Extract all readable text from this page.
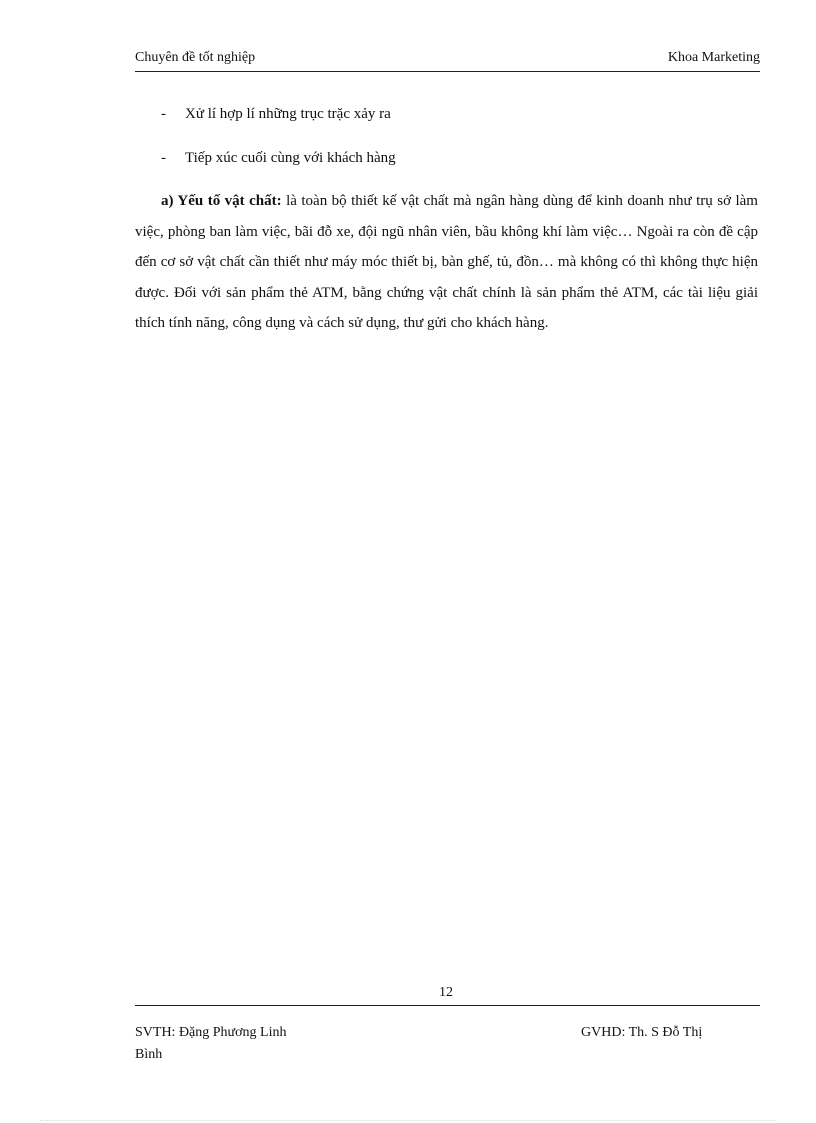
Chuyên đề tốt nghiệp	Khoa Marketing
-	Xử lí hợp lí những trục trặc xảy ra
-	Tiếp xúc cuối cùng với khách hàng

a) Yếu tố vật chất: là toàn bộ thiết kế vật chất mà ngân hàng dùng để kinh doanh như trụ sở làm việc, phòng ban làm việc, bãi đỗ xe, đội ngũ nhân viên, bầu không khí làm việc… Ngoài ra còn đề cập đến cơ sở vật chất cần thiết như máy móc thiết bị, bàn ghế, tủ, đồn… mà không có thì không thực hiện được. Đối với sản phẩm thẻ ATM, bằng chứng vật chất chính là sản phẩm thẻ ATM, các tài liệu giải thích tính năng, công dụng và cách sử dụng, thư gửi cho khách hàng.

12
SVTH: Đặng Phương Linh
Bình
GVHD: Th. S Đỗ Thị
